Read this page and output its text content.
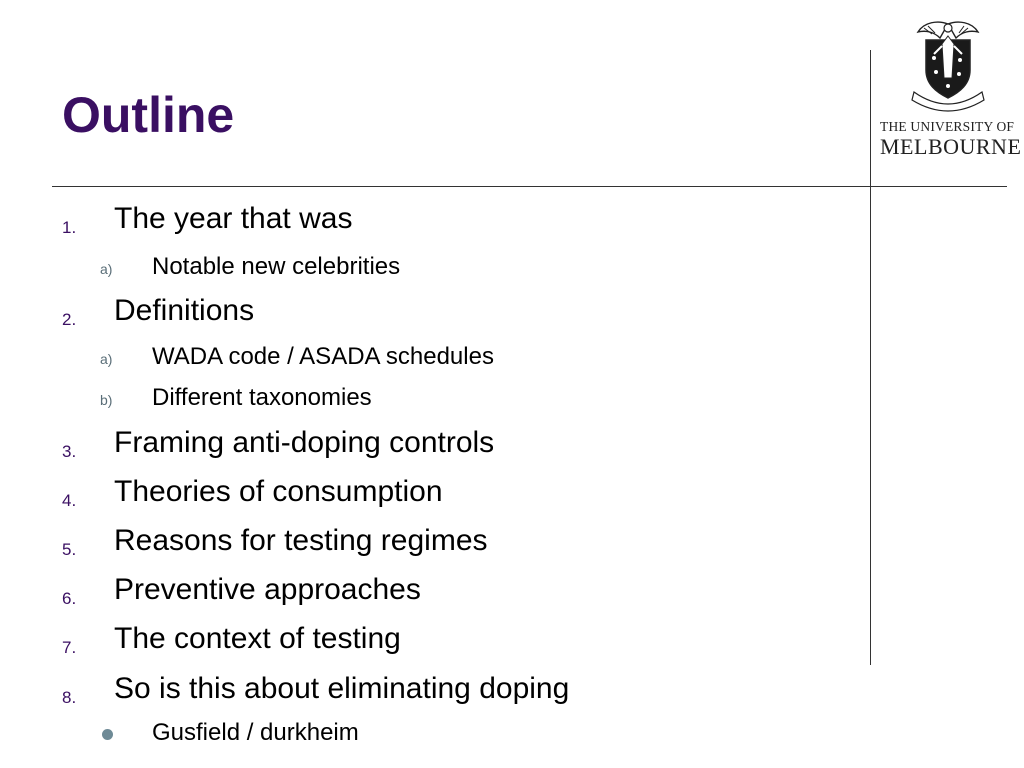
Outline	THE UNIVERSITY OF
MELBOURNE
1. The year that was
a) Notable new celebrities
2. Definitions
a) WADA code / ASADA schedules
b) Different taxonomies
3. Framing anti-doping controls
4. Theories of consumption
5. Reasons for testing regimes
6. Preventive approaches
7. The context of testing
8. So is this about eliminating doping
Gusfield / durkheim
